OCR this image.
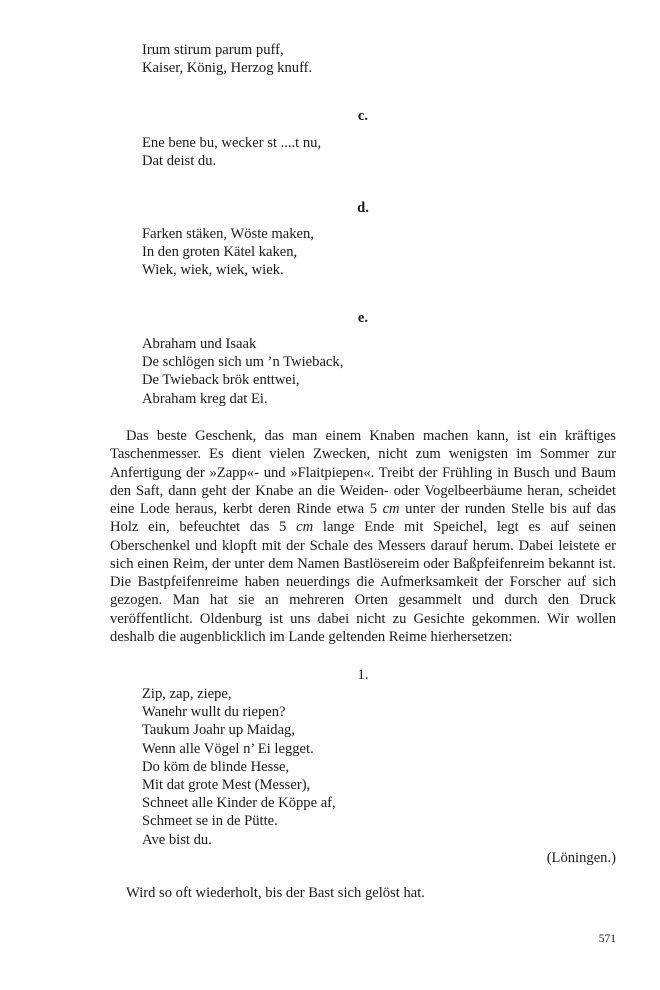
Irum stirum parum puff,
Kaiser, König, Herzog knuff.
c.
Ene bene bu, wecker st ....t nu,
Dat deist du.
d.
Farken stäken, Wöste maken,
In den groten Kätel kaken,
Wiek, wiek, wiek, wiek.
e.
Abraham und Isaak
De schlögen sich um ’n Twieback,
De Twieback brök enttwei,
Abraham kreg dat Ei.

Das beste Geschenk, das man einem Knaben machen kann, ist ein kräftiges Taschenmesser. Es dient vielen Zwecken, nicht zum wenigsten im Sommer zur Anfertigung der »Zapp«- und »Flaitpiepen«. Treibt der Frühling in Busch und Baum den Saft, dann geht der Knabe an die Weiden- oder Vogelbeerbäume heran, scheidet eine Lode heraus, kerbt deren Rinde etwa 5 cm unter der runden Stelle bis auf das Holz ein, befeuchtet das 5 cm lange Ende mit Speichel, legt es auf seinen Oberschenkel und klopft mit der Schale des Messers darauf herum. Dabei leistete er sich einen Reim, der unter dem Namen Bastlösereim oder Baßpfeifenreim bekannt ist. Die Bastpfeifenreime haben neuerdings die Aufmerksamkeit der Forscher auf sich gezogen. Man hat sie an mehreren Orten gesammelt und durch den Druck veröffentlicht. Oldenburg ist uns dabei nicht zu Gesichte gekommen. Wir wollen deshalb die augenblicklich im Lande geltenden Reime hierhersetzen:

1.
Zip, zap, ziepe,
Wanehr wullt du riepen?
Taukum Joahr up Maidag,
Wenn alle Vögel n’ Ei legget.
Do köm de blinde Hesse,
Mit dat grote Mest (Messer),
Schneet alle Kinder de Köppe af,
Schmeet se in de Pütte.
Ave bist du.
(Löningen.)

Wird so oft wiederholt, bis der Bast sich gelöst hat.

571
